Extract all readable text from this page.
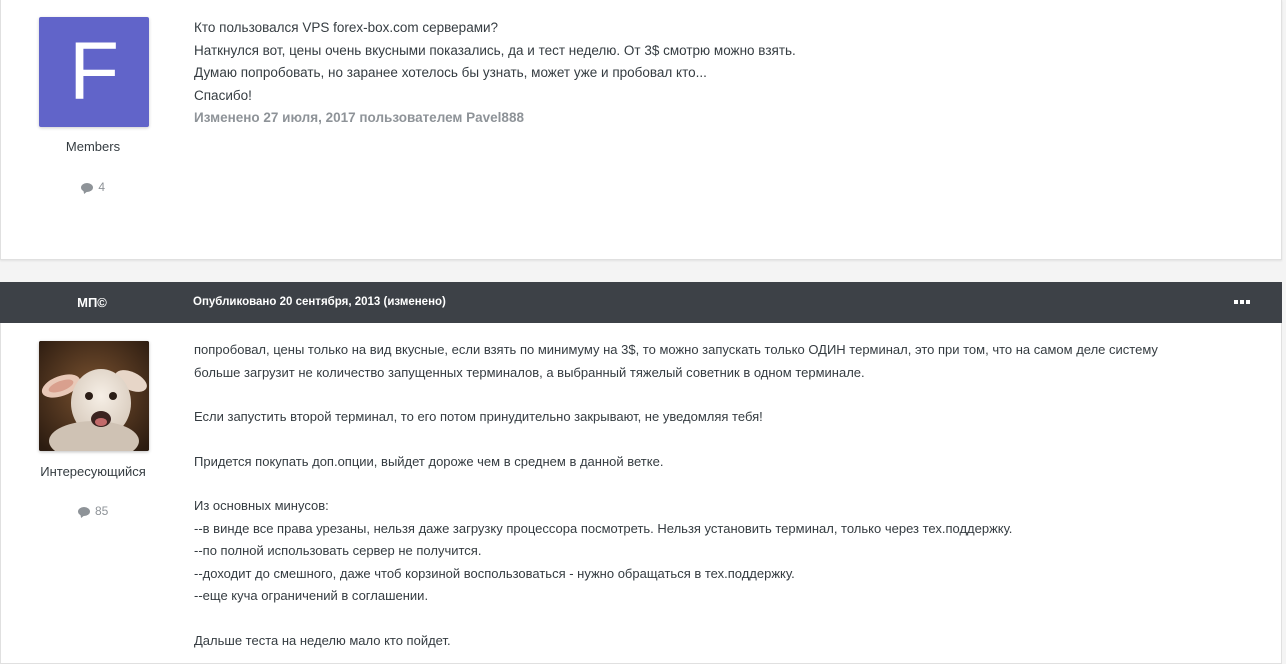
F
Members
4
Кто пользовался VPS forex-box.com серверами?
Наткнулся вот, цены очень вкусными показались, да и тест неделю. От 3$ смотрю можно взять.
Думаю попробовать, но заранее хотелось бы узнать, может уже и пробовал кто...
Спасибо!
Изменено 27 июля, 2017 пользователем Pavel888
МП©	Опубликовано 20 сентября, 2013 (изменено)
Интересующийся
85

попробовал, цены только на вид вкусные, если взять по минимуму на 3$, то можно запускать только ОДИН терминал, это при том, что на самом деле систему
больше загрузит не количество запущенных терминалов, а выбранный тяжелый советник в одном терминале.

Если запустить второй терминал, то его потом принудительно закрывают, не уведомляя тебя!

Придется покупать доп.опции, выйдет дороже чем в среднем в данной ветке.

Из основных минусов:
--в винде все права урезаны, нельзя даже загрузку процессора посмотреть. Нельзя установить терминал, только через тех.поддержку.
--по полной использовать сервер не получится.
--доходит до смешного, даже чтоб корзиной воспользоваться - нужно обращаться в тех.поддержку.
--еще куча ограничений в соглашении.

Дальше теста на неделю мало кто пойдет.
